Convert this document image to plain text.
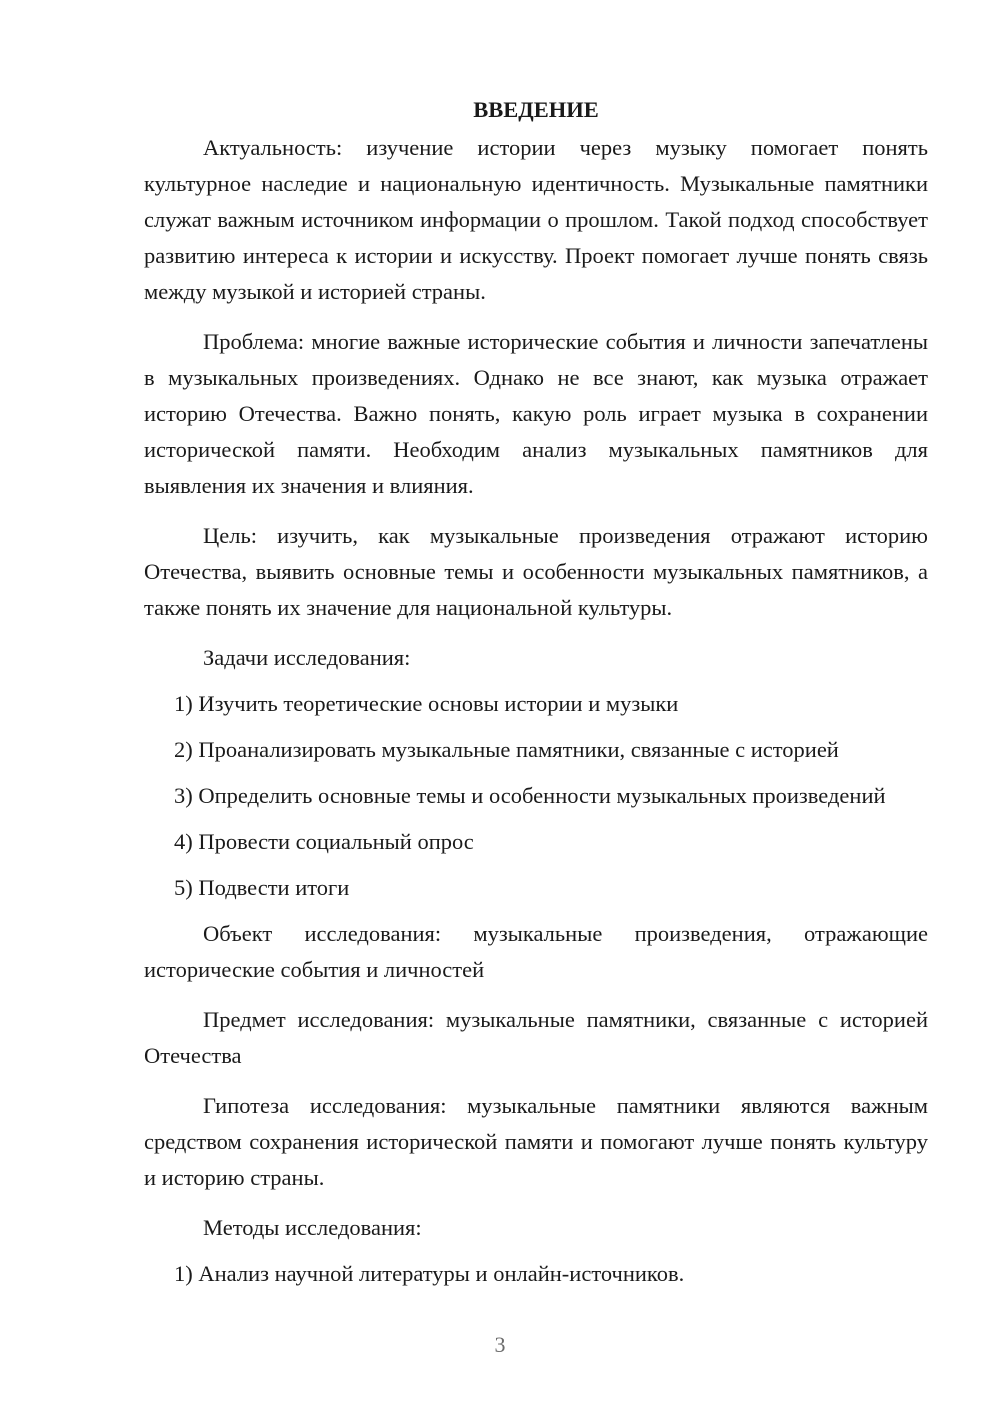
ВВЕДЕНИЕ

Актуальность: изучение истории через музыку помогает понять культурное наследие и национальную идентичность. Музыкальные памятники служат важным источником информации о прошлом. Такой подход способствует развитию интереса к истории и искусству. Проект помогает лучше понять связь между музыкой и историей страны.

Проблема: многие важные исторические события и личности запечатлены в музыкальных произведениях. Однако не все знают, как музыка отражает историю Отечества. Важно понять, какую роль играет музыка в сохранении исторической памяти. Необходим анализ музыкальных памятников для выявления их значения и влияния.

Цель: изучить, как музыкальные произведения отражают историю Отечества, выявить основные темы и особенности музыкальных памятников, а также понять их значение для национальной культуры.

Задачи исследования:

1) Изучить теоретические основы истории и музыки

2) Проанализировать музыкальные памятники, связанные с историей

3) Определить основные темы и особенности музыкальных произведений

4) Провести социальный опрос

5) Подвести итоги

Объект исследования: музыкальные произведения, отражающие исторические события и личностей

Предмет исследования: музыкальные памятники, связанные с историей Отечества

Гипотеза исследования: музыкальные памятники являются важным средством сохранения исторической памяти и помогают лучше понять культуру и историю страны.

Методы исследования:

1) Анализ научной литературы и онлайн-источников.

3
